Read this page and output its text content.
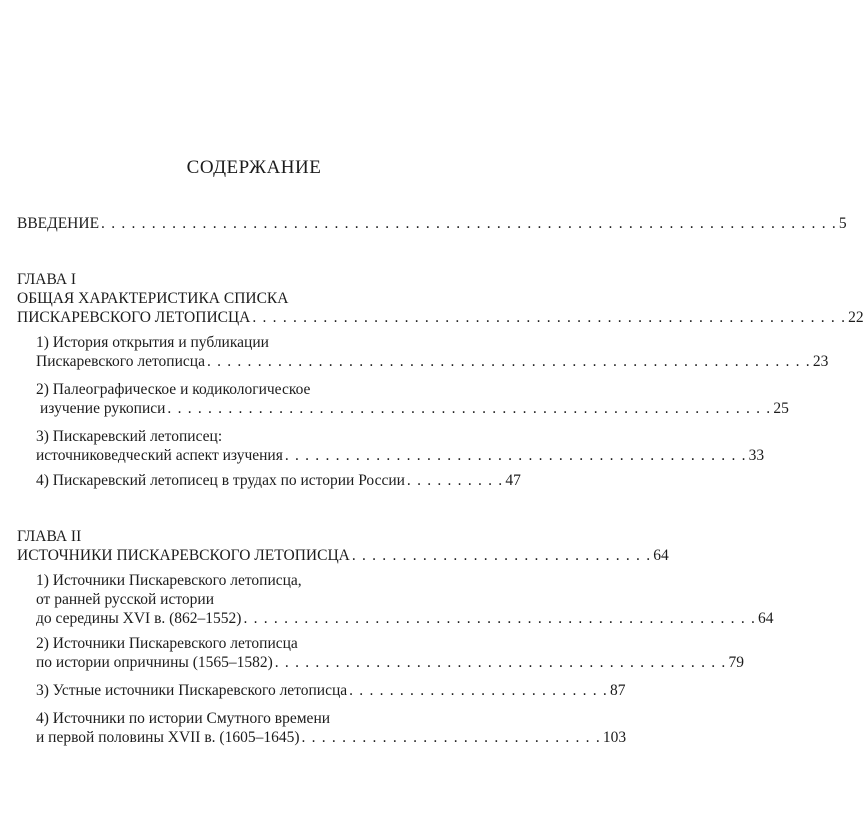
СОДЕРЖАНИЕ
ВВЕДЕНИЕ . . . . . . . . . . . . . . . . . . . . . . . . . . . . . . . . . . . . . . . . . . . . . . . . . . . . . . . . . . . . . . . . . . . . . . . . . 5
ГЛАВА I
ОБЩАЯ ХАРАКТЕРИСТИКА СПИСКА
ПИСКАРЕВСКОГО ЛЕТОПИСЦА . . . . . . . . . . . . . . . . . . . . . . . . . . . . . . . . . . . . . . . . . . . . . . . . . . . . . . . . . . . 22
1) История открытия и публикации
Пискаревского летописца . . . . . . . . . . . . . . . . . . . . . . . . . . . . . . . . . . . . . . . . . . . . . . . . . . . . . . . . . . . . 23
2) Палеографическое и кодикологическое
изучение рукописи . . . . . . . . . . . . . . . . . . . . . . . . . . . . . . . . . . . . . . . . . . . . . . . . . . . . . . . . . . . . 25
3) Пискаревский летописец:
источниковедческий аспект изучения . . . . . . . . . . . . . . . . . . . . . . . . . . . . . . . . . . . . . . . . . . . . . . 33
4) Пискаревский летописец в трудах по истории России . . . . . . . . . . 47
ГЛАВА II
ИСТОЧНИКИ ПИСКАРЕВСКОГО ЛЕТОПИСЦА . . . . . . . . . . . . . . . . . . . . . . . . . . . . . . 64
1) Источники Пискаревского летописца,
от ранней русской истории
до середины XVI в. (862–1552) . . . . . . . . . . . . . . . . . . . . . . . . . . . . . . . . . . . . . . . . . . . . . . . . . . . 64
2) Источники Пискаревского летописца
по истории опричнины (1565–1582) . . . . . . . . . . . . . . . . . . . . . . . . . . . . . . . . . . . . . . . . . . . . . 79
3) Устные источники Пискаревского летописца . . . . . . . . . . . . . . . . . . . . . . . . . . 87
4) Источники по истории Смутного времени
и первой половины XVII в. (1605–1645) . . . . . . . . . . . . . . . . . . . . . . . . . . . . . . 103
